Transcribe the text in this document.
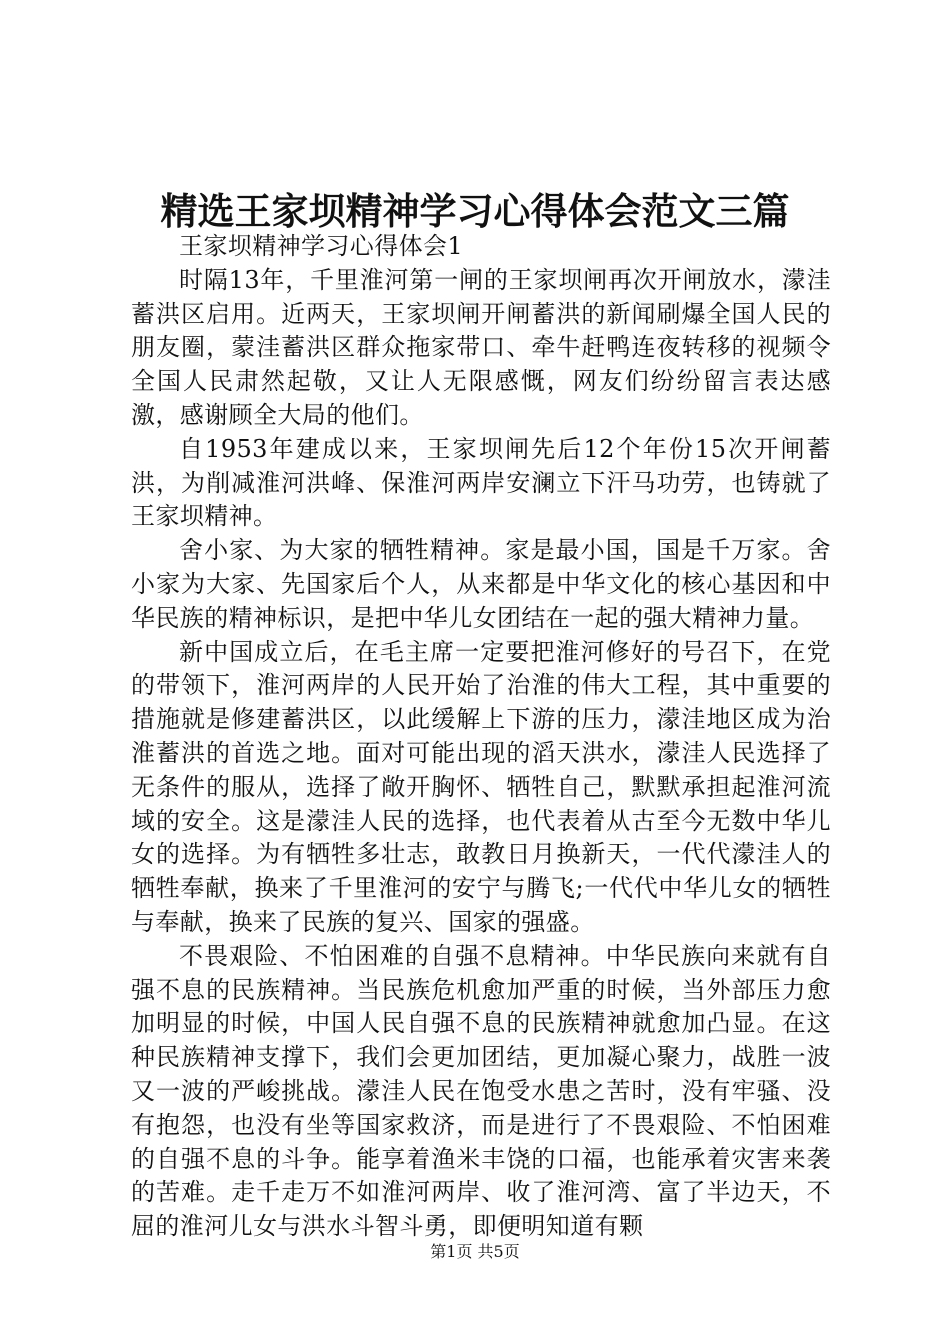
精选王家坝精神学习心得体会范文三篇

王家坝精神学习心得体会1

时隔13年，千里淮河第一闸的王家坝闸再次开闸放水，濛洼蓄洪区启用。近两天，王家坝闸开闸蓄洪的新闻刷爆全国人民的朋友圈，蒙洼蓄洪区群众拖家带口、牵牛赶鸭连夜转移的视频令全国人民肃然起敬，又让人无限感慨，网友们纷纷留言表达感激，感谢顾全大局的他们。

自1953年建成以来，王家坝闸先后12个年份15次开闸蓄洪，为削减淮河洪峰、保淮河两岸安澜立下汗马功劳，也铸就了王家坝精神。

舍小家、为大家的牺牲精神。家是最小国，国是千万家。舍小家为大家、先国家后个人，从来都是中华文化的核心基因和中华民族的精神标识，是把中华儿女团结在一起的强大精神力量。

新中国成立后，在毛主席一定要把淮河修好的号召下，在党的带领下，淮河两岸的人民开始了治淮的伟大工程，其中重要的措施就是修建蓄洪区，以此缓解上下游的压力，濛洼地区成为治淮蓄洪的首选之地。面对可能出现的滔天洪水，濛洼人民选择了无条件的服从，选择了敞开胸怀、牺牲自己，默默承担起淮河流域的安全。这是濛洼人民的选择，也代表着从古至今无数中华儿女的选择。为有牺牲多壮志，敢教日月换新天，一代代濛洼人的牺牲奉献，换来了千里淮河的安宁与腾飞;一代代中华儿女的牺牲与奉献，换来了民族的复兴、国家的强盛。

不畏艰险、不怕困难的自强不息精神。中华民族向来就有自强不息的民族精神。当民族危机愈加严重的时候，当外部压力愈加明显的时候，中国人民自强不息的民族精神就愈加凸显。在这种民族精神支撑下，我们会更加团结，更加凝心聚力，战胜一波又一波的严峻挑战。濛洼人民在饱受水患之苦时，没有牢骚、没有抱怨，也没有坐等国家救济，而是进行了不畏艰险、不怕困难的自强不息的斗争。能享着渔米丰饶的口福，也能承着灾害来袭的苦难。走千走万不如淮河两岸、收了淮河湾、富了半边天，不屈的淮河儿女与洪水斗智斗勇，即便明知道有颗

第1页 共5页
